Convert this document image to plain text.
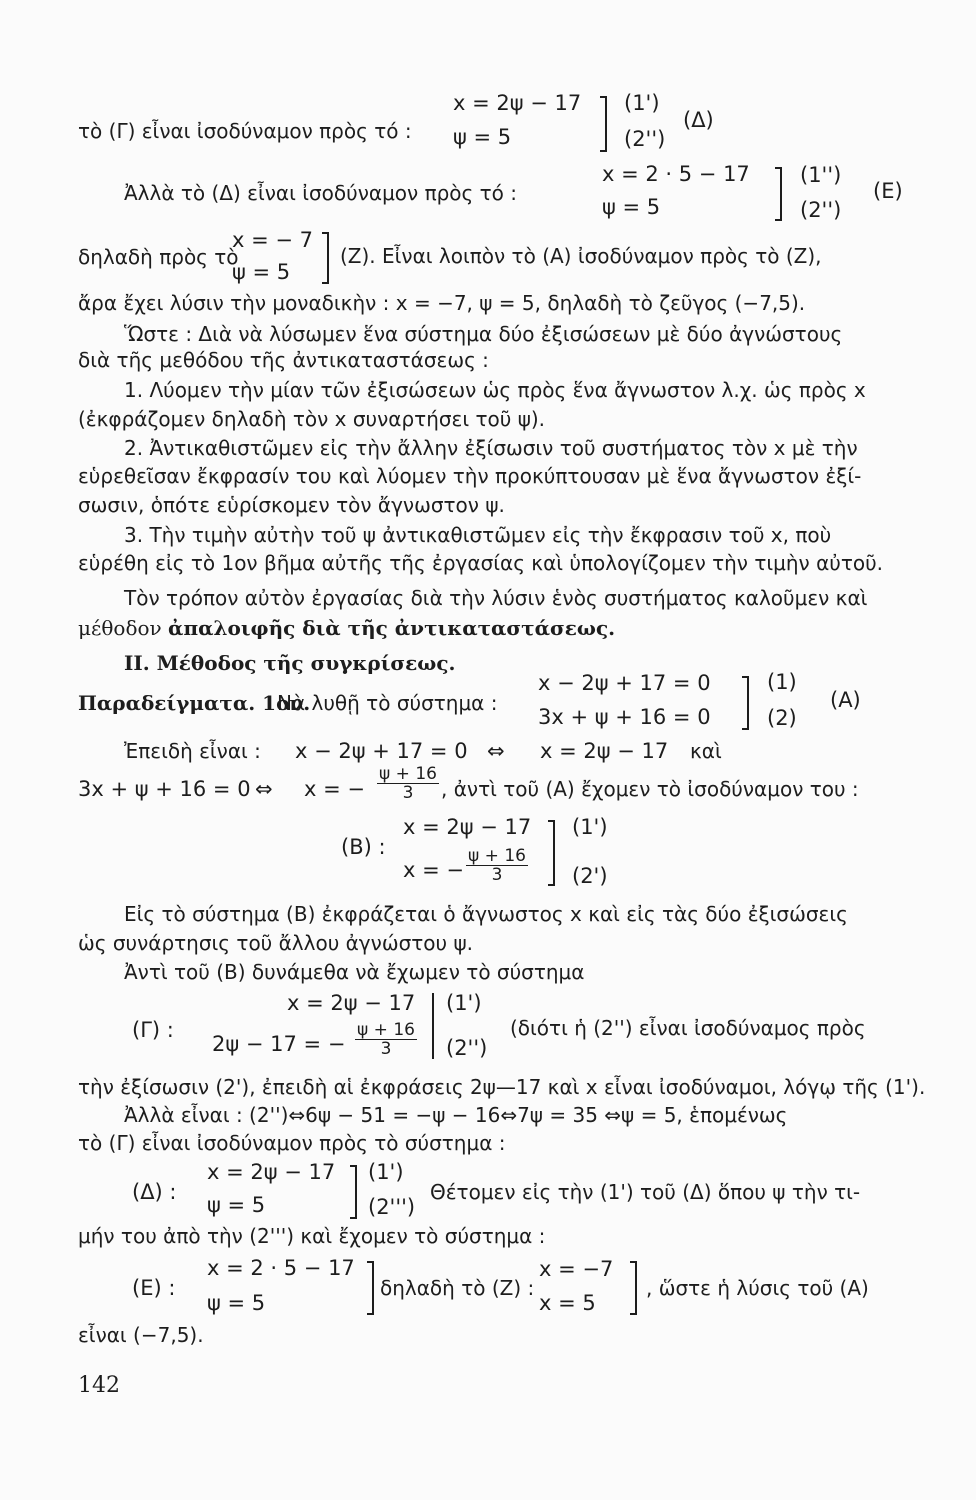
τὸ (Γ) εἶναι ἰσοδύναμον πρὸς τό :
x = 2ψ − 17
ψ = 5
(1')
(2'')
(Δ)
Ἀλλὰ τὸ (Δ) εἶναι ἰσοδύναμον πρὸς τό :
x = 2 · 5 − 17
ψ = 5
(1'')
(2'')
(E)
δηλαδὴ πρὸς τὸ
x = − 7
ψ = 5
(Z). Εἶναι λοιπὸν τὸ (A) ἰσοδύναμον πρὸς τὸ (Z),
ἄρα ἔχει λύσιν τὴν μοναδικὴν : x = −7, ψ = 5, δηλαδὴ τὸ ζεῦγος (−7,5).
Ὥστε : Διὰ νὰ λύσωμεν ἕνα σύστημα δύο ἐξισώσεων μὲ δύο ἀγνώστους
διὰ τῆς μεθόδου τῆς ἀντικαταστάσεως :
1. Λύομεν τὴν μίαν τῶν ἐξισώσεων ὡς πρὸς ἕνα ἄγνωστον λ.χ. ὡς πρὸς x
(ἐκφράζομεν δηλαδὴ τὸν x συναρτήσει τοῦ ψ).
2. Ἀντικαθιστῶμεν εἰς τὴν ἄλλην ἐξίσωσιν τοῦ συστήματος τὸν x μὲ τὴν
εὑρεθεῖσαν ἔκφρασίν του καὶ λύομεν τὴν προκύπτουσαν μὲ ἕνα ἄγνωστον ἐξί-
σωσιν, ὁπότε εὑρίσκομεν τὸν ἄγνωστον ψ.
3. Τὴν τιμὴν αὐτὴν τοῦ ψ ἀντικαθιστῶμεν εἰς τὴν ἔκφρασιν τοῦ x, ποὺ
εὑρέθη εἰς τὸ 1ον βῆμα αὐτῆς τῆς ἐργασίας καὶ ὑπολογίζομεν τὴν τιμὴν αὐτοῦ.
Τὸν τρόπον αὐτὸν ἐργασίας διὰ τὴν λύσιν ἑνὸς συστήματος καλοῦμεν καὶ
μέθοδον ἀπαλοιφῆς διὰ τῆς ἀντικαταστάσεως.
II. Μέθοδος τῆς συγκρίσεως.
Παραδείγματα. 1ον.
Νὰ λυθῇ τὸ σύστημα :
x − 2ψ + 17 = 0
3x + ψ + 16 = 0
(1)
(2)
(A)
Ἐπειδὴ εἶναι : x − 2ψ + 17 = 0 ⇔ x = 2ψ − 17 καὶ
3x + ψ + 16 = 0 ⇔ x = − $\frac{\psi + 16}{3}$ , ἀντὶ τοῦ (A) ἔχομεν τὸ ἰσοδύναμον του :
(B) :
x = 2ψ − 17
x = − $\frac{\psi + 16}{3}$
(1')
(2')
Εἰς τὸ σύστημα (B) ἐκφράζεται ὁ ἄγνωστος x καὶ εἰς τὰς δύο ἐξισώσεις
ὡς συνάρτησις τοῦ ἄλλου ἀγνώστου ψ.
Ἀντὶ τοῦ (B) δυνάμεθα νὰ ἔχωμεν τὸ σύστημα
(Γ) :
x = 2ψ − 17
2ψ − 17 = − $\frac{\psi + 16}{3}$
(1')
(2'')
(διότι ἡ (2'') εἶναι ἰσοδύναμος πρὸς
τὴν ἐξίσωσιν (2'), ἐπειδὴ αἱ ἐκφράσεις 2ψ—17 καὶ x εἶναι ἰσοδύναμοι, λόγῳ τῆς (1').
Ἀλλὰ εἶναι : (2'')⇔6ψ − 51 = −ψ − 16⇔7ψ = 35 ⇔ψ = 5, ἑπομένως
τὸ (Γ) εἶναι ἰσοδύναμον πρὸς τὸ σύστημα :
(Δ) :
x = 2ψ − 17
ψ = 5
(1')
(2''')
Θέτομεν εἰς τὴν (1') τοῦ (Δ) ὅπου ψ τὴν τι-
μήν του ἀπὸ τὴν (2''') καὶ ἔχομεν τὸ σύστημα :
(E) :
x = 2 · 5 − 17
ψ = 5
δηλαδὴ τὸ (Z) :
x = −7
x = 5
, ὥστε ἡ λύσις τοῦ (A)
εἶναι (−7,5).
142
